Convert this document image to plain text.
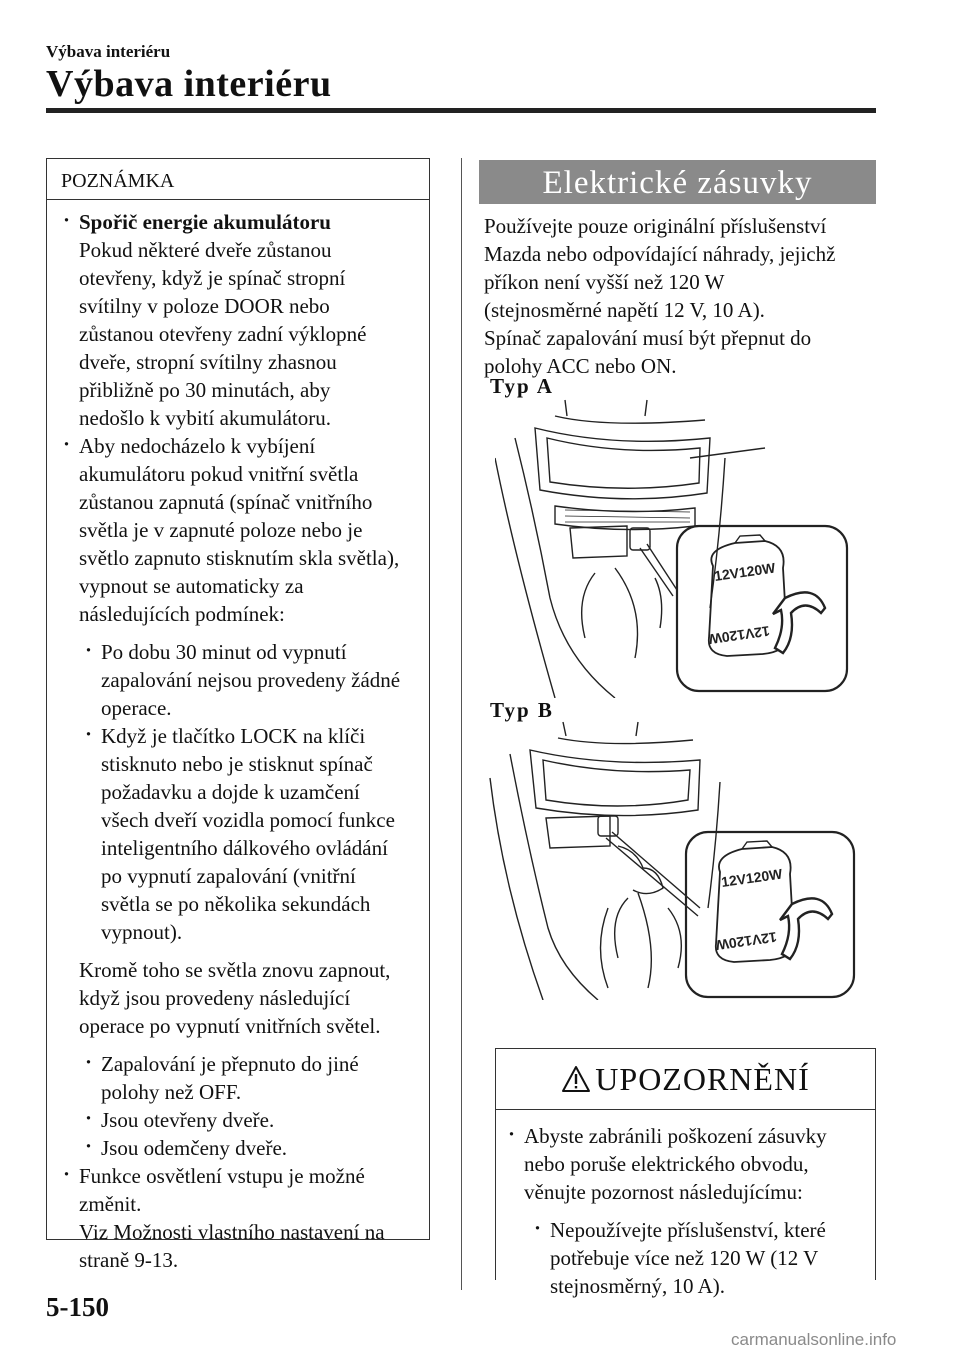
Výbava interiéru
Výbava interiéru
POZNÁMKA
· Spořič energie akumulátoru
Pokud některé dveře zůstanou
otevřeny, když je spínač stropní
svítilny v poloze DOOR nebo
zůstanou otevřeny zadní výklopné
dveře, stropní svítilny zhasnou
přibližně po 30 minutách, aby
nedošlo k vybití akumulátoru.
· Aby nedocházelo k vybíjení
akumulátoru pokud vnitřní světla
zůstanou zapnutá (spínač vnitřního
světla je v zapnuté poloze nebo je
světlo zapnuto stisknutím skla světla),
vypnout se automaticky za
následujících podmínek:
· Po dobu 30 minut od vypnutí
zapalování nejsou provedeny žádné
operace.
· Když je tlačítko LOCK na klíči
stisknuto nebo je stisknut spínač
požadavku a dojde k uzamčení
všech dveří vozidla pomocí funkce
inteligentního dálkového ovládání
po vypnutí zapalování (vnitřní
světla se po několika sekundách
vypnout).
Kromě toho se světla znovu zapnout,
když jsou provedeny následující
operace po vypnutí vnitřních světel.
· Zapalování je přepnuto do jiné
polohy než OFF.
· Jsou otevřeny dveře.
· Jsou odemčeny dveře.
· Funkce osvětlení vstupu je možné
změnit.
Viz Možnosti vlastního nastavení na
straně 9-13.
Elektrické zásuvky

Používejte pouze originální příslušenství

Mazda nebo odpovídající náhrady, jejichž

příkon není vyšší než 120 W

(stejnosměrné napětí 12 V, 10 A).

Spínač zapalování musí být přepnut do

polohy ACC nebo ON.

Typ A
12V120W
12V120W
Typ B
12V120W
12V120W
UPOZORNĚNÍ
· Abyste zabránili poškození zásuvky
nebo poruše elektrického obvodu,
věnujte pozornost následujícímu:
· Nepoužívejte příslušenství, které
potřebuje více než 120 W (12 V
stejnosměrný, 10 A).
5-150
carmanualsonline.info
